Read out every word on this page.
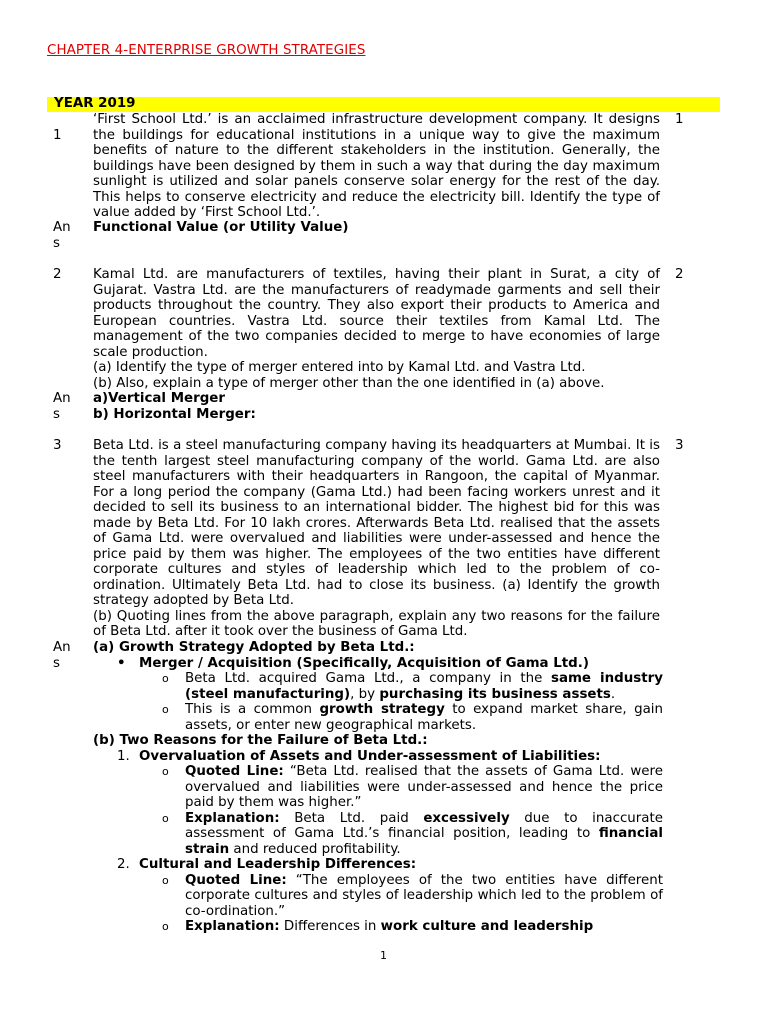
CHAPTER 4-ENTERPRISE GROWTH STRATEGIES
YEAR 2019
1
1

‘First School Ltd.’ is an acclaimed infrastructure development company. It designs the buildings for educational institutions in a unique way to give the maximum benefits of nature to the different stakeholders in the institution. Generally, the buildings have been designed by them in such a way that during the day maximum sunlight is utilized and solar panels conserve solar energy for the rest of the day. This helps to conserve electricity and reduce the electricity bill. Identify the type of value added by ‘First School Ltd.’.

An
s
Functional Value (or Utility Value)
2	2

Kamal Ltd. are manufacturers of textiles, having their plant in Surat, a city of Gujarat. Vastra Ltd. are the manufacturers of readymade garments and sell their products throughout the country. They also export their products to America and European countries. Vastra Ltd. source their textiles from Kamal Ltd. The management of the two companies decided to merge to have economies of large scale production.

(a) Identify the type of merger entered into by Kamal Ltd. and Vastra Ltd.

(b) Also, explain a type of merger other than the one identified in (a) above.

An
s

a)Vertical Merger

b) Horizontal Merger:

3	3

Beta Ltd. is a steel manufacturing company having its headquarters at Mumbai. It is the tenth largest steel manufacturing company of the world. Gama Ltd. are also steel manufacturers with their headquarters in Rangoon, the capital of Myanmar. For a long period the company (Gama Ltd.) had been facing workers unrest and it decided to sell its business to an international bidder. The highest bid for this was made by Beta Ltd. For 10 lakh crores. Afterwards Beta Ltd. realised that the assets of Gama Ltd. were overvalued and liabilities were under-assessed and hence the price paid by them was higher. The employees of the two entities have different corporate cultures and styles of leadership which led to the problem of co-ordination. Ultimately Beta Ltd. had to close its business. (a) Identify the growth strategy adopted by Beta Ltd.

(b) Quoting lines from the above paragraph, explain any two reasons for the failure of Beta Ltd. after it took over the business of Gama Ltd.

An
s

(a) Growth Strategy Adopted by Beta Ltd.:

• Merger / Acquisition (Specifically, Acquisition of Gama Ltd.)
o Beta Ltd. acquired Gama Ltd., a company in the same industry (steel manufacturing), by purchasing its business assets.
o This is a common growth strategy to expand market share, gain assets, or enter new geographical markets.

(b) Two Reasons for the Failure of Beta Ltd.:

1. Overvaluation of Assets and Under-assessment of Liabilities:
o Quoted Line: “Beta Ltd. realised that the assets of Gama Ltd. were overvalued and liabilities were under-assessed and hence the price paid by them was higher.”
o Explanation: Beta Ltd. paid excessively due to inaccurate assessment of Gama Ltd.’s financial position, leading to financial strain and reduced profitability.
2. Cultural and Leadership Differences:
o Quoted Line: “The employees of the two entities have different corporate cultures and styles of leadership which led to the problem of co-ordination.”
o Explanation: Differences in work culture and leadership
1
